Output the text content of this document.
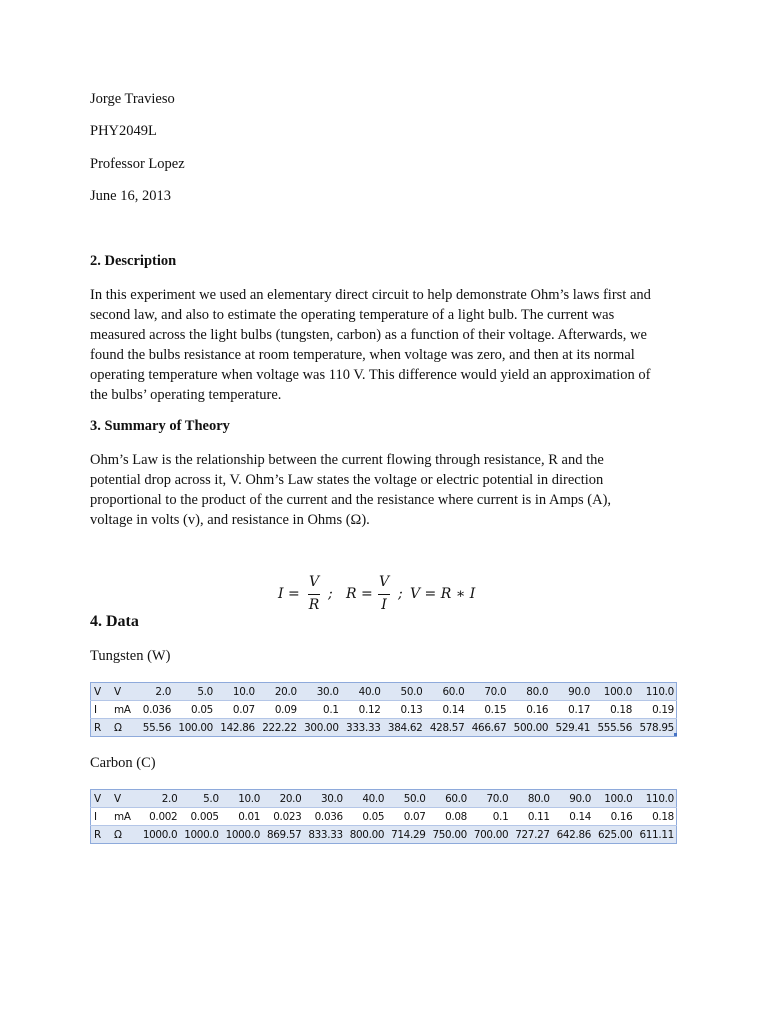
Jorge Travieso
PHY2049L
Professor Lopez
June 16, 2013
2. Description
In this experiment we used an elementary direct circuit to help demonstrate Ohm’s laws first and
second law, and also to estimate the operating temperature of a light bulb. The current was
measured across the light bulbs (tungsten, carbon) as a function of their voltage. Afterwards, we
found the bulbs resistance at room temperature, when voltage was zero, and then at its normal
operating temperature when voltage was 110 V. This difference would yield an approximation of
the bulbs’ operating temperature.
3. Summary of Theory
Ohm’s Law is the relationship between the current flowing through resistance, R and the
potential drop across it, V. Ohm’s Law states the voltage or electric potential in direction
proportional to the product of the current and the resistance where current is in Amps (A),
voltage in volts (v), and resistance in Ohms (Ω).
I =
V
R
; R =
V
I
; V = R ∗ I
4. Data
Tungsten (W)
V	V	2.0	5.0	10.0	20.0	30.0	40.0	50.0	60.0	70.0	80.0	90.0	100.0	110.0
I	mA	0.036	0.05	0.07	0.09	0.1	0.12	0.13	0.14	0.15	0.16	0.17	0.18	0.19
R	Ω	55.56	100.00	142.86	222.22	300.00	333.33	384.62	428.57	466.67	500.00	529.41	555.56	578.95
Carbon (C)
V	V	2.0	5.0	10.0	20.0	30.0	40.0	50.0	60.0	70.0	80.0	90.0	100.0	110.0
I	mA	0.002	0.005	0.01	0.023	0.036	0.05	0.07	0.08	0.1	0.11	0.14	0.16	0.18
R	Ω	1000.0	1000.0	1000.0	869.57	833.33	800.00	714.29	750.00	700.00	727.27	642.86	625.00	611.11
